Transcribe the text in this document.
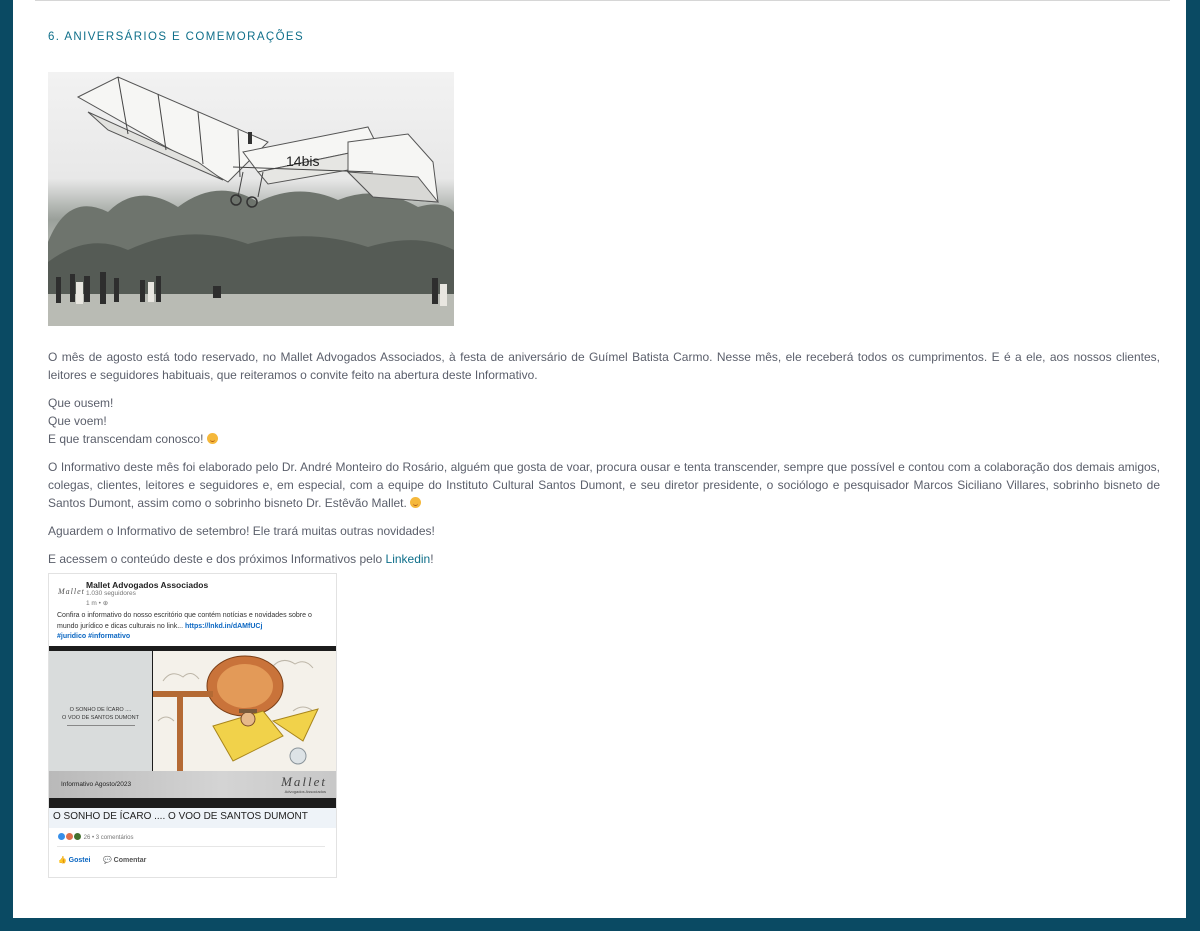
6. ANIVERSÁRIOS E COMEMORAÇÕES
14bis

O mês de agosto está todo reservado, no Mallet Advogados Associados, à festa de aniversário de Guímel Batista Carmo. Nesse mês, ele receberá todos os cumprimentos. E é a ele, aos nossos clientes, leitores e seguidores habituais, que reiteramos o convite feito na abertura deste Informativo.

Que ousem!
Que voem!
E que transcendam conosco!

O Informativo deste mês foi elaborado pelo Dr. André Monteiro do Rosário, alguém que gosta de voar, procura ousar e tenta transcender, sempre que possível e contou com a colaboração dos demais amigos, colegas, clientes, leitores e seguidores e, em especial, com a equipe do Instituto Cultural Santos Dumont, e seu diretor presidente, o sociólogo e pesquisador Marcos Siciliano Villares, sobrinho bisneto de Santos Dumont, assim como o sobrinho bisneto Dr. Estêvão Mallet.

Aguardem o Informativo de setembro! Ele trará muitas outras novidades!

E acessem o conteúdo deste e dos próximos Informativos pelo Linkedin!

Mallet
Mallet Advogados Associados
1.030 seguidores
1 m • ⊕
Confira o informativo do nosso escritório que contém notícias e novidades sobre o mundo jurídico e dicas culturais no link... https://lnkd.in/dAMfUCj
#juridico #informativo
O SONHO DE ÍCARO ....
O VOO DE SANTOS DUMONT
Informativo Agosto/2023	Mallet
Advogados Associados
O SONHO DE ÍCARO .... O VOO DE SANTOS DUMONT
26 • 3 comentários
👍 Gostei 💬 Comentar
